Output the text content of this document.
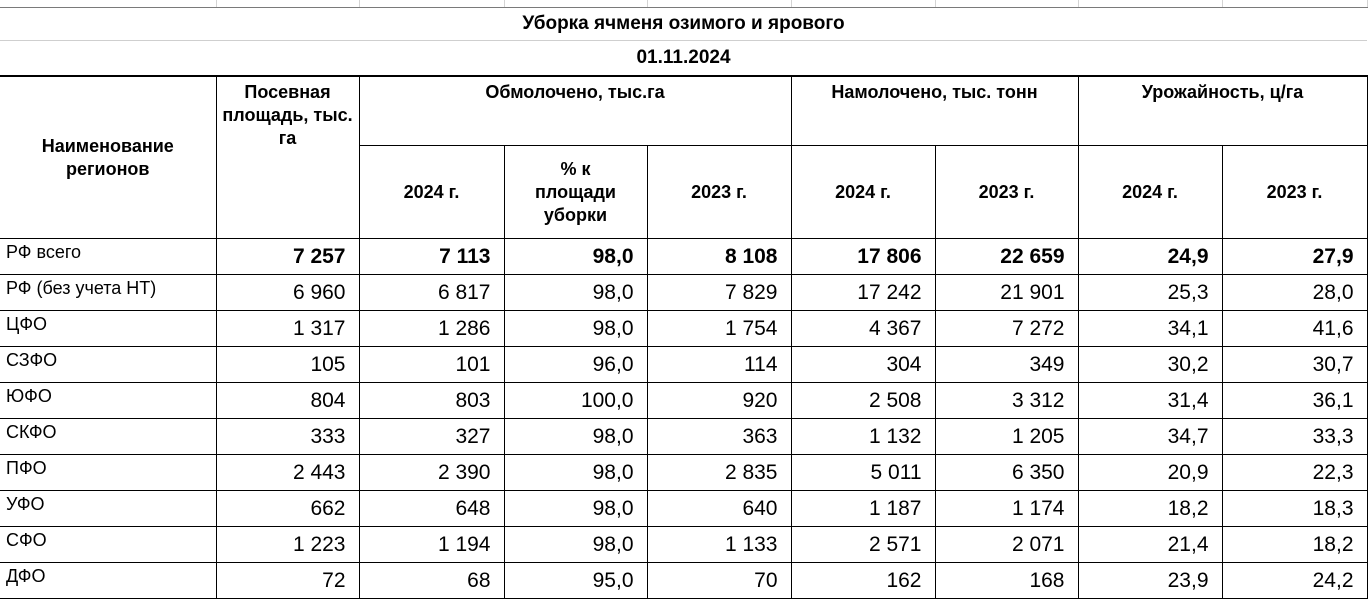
Уборка ячменя озимого и ярового								
01.11.2024								
Наименование регионов	Посевная площадь, тыс. га	Обмолочено, тыс.га			Намолочено, тыс. тонн		Урожайность, ц/га	
		2024 г.	% к площади уборки	2023 г.	2024 г.	2023 г.	2024 г.	2023 г.
РФ всего	7 257	7 113	98,0	8 108	17 806	22 659	24,9	27,9
РФ (без учета НТ)	6 960	6 817	98,0	7 829	17 242	21 901	25,3	28,0
ЦФО	1 317	1 286	98,0	1 754	4 367	7 272	34,1	41,6
СЗФО	105	101	96,0	114	304	349	30,2	30,7
ЮФО	804	803	100,0	920	2 508	3 312	31,4	36,1
СКФО	333	327	98,0	363	1 132	1 205	34,7	33,3
ПФО	2 443	2 390	98,0	2 835	5 011	6 350	20,9	22,3
УФО	662	648	98,0	640	1 187	1 174	18,2	18,3
СФО	1 223	1 194	98,0	1 133	2 571	2 071	21,4	18,2
ДФО	72	68	95,0	70	162	168	23,9	24,2
